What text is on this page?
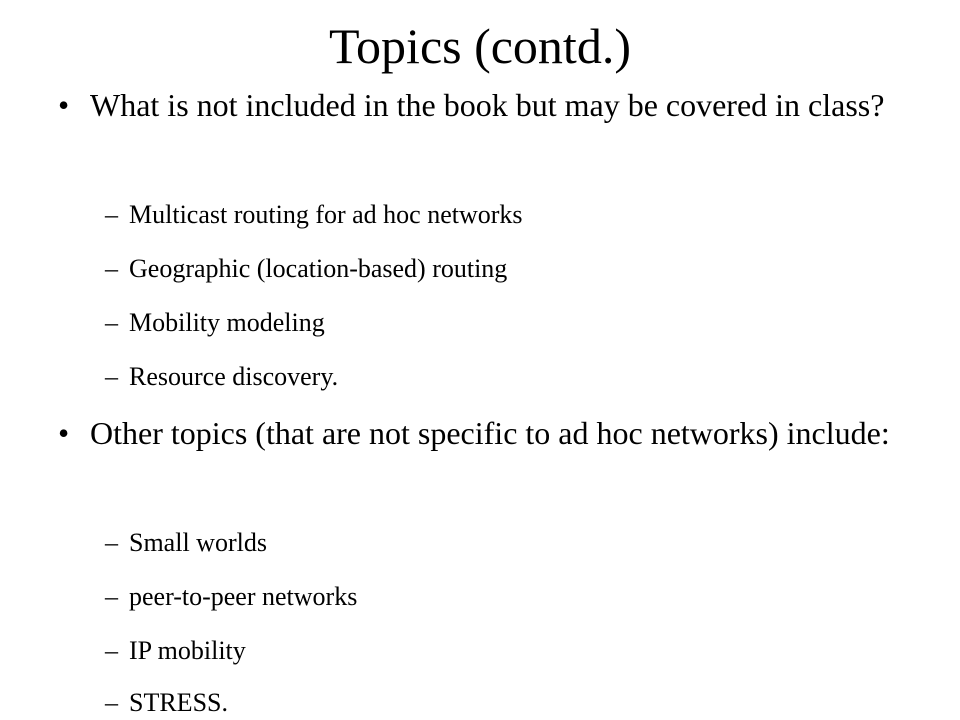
Topics (contd.)
• What is not included in the book but may be covered in class?
– Multicast routing for ad hoc networks
– Geographic (location-based) routing
– Mobility modeling
– Resource discovery.
• Other topics (that are not specific to ad hoc networks) include:
– Small worlds
– peer-to-peer networks
– IP mobility
– STRESS.
